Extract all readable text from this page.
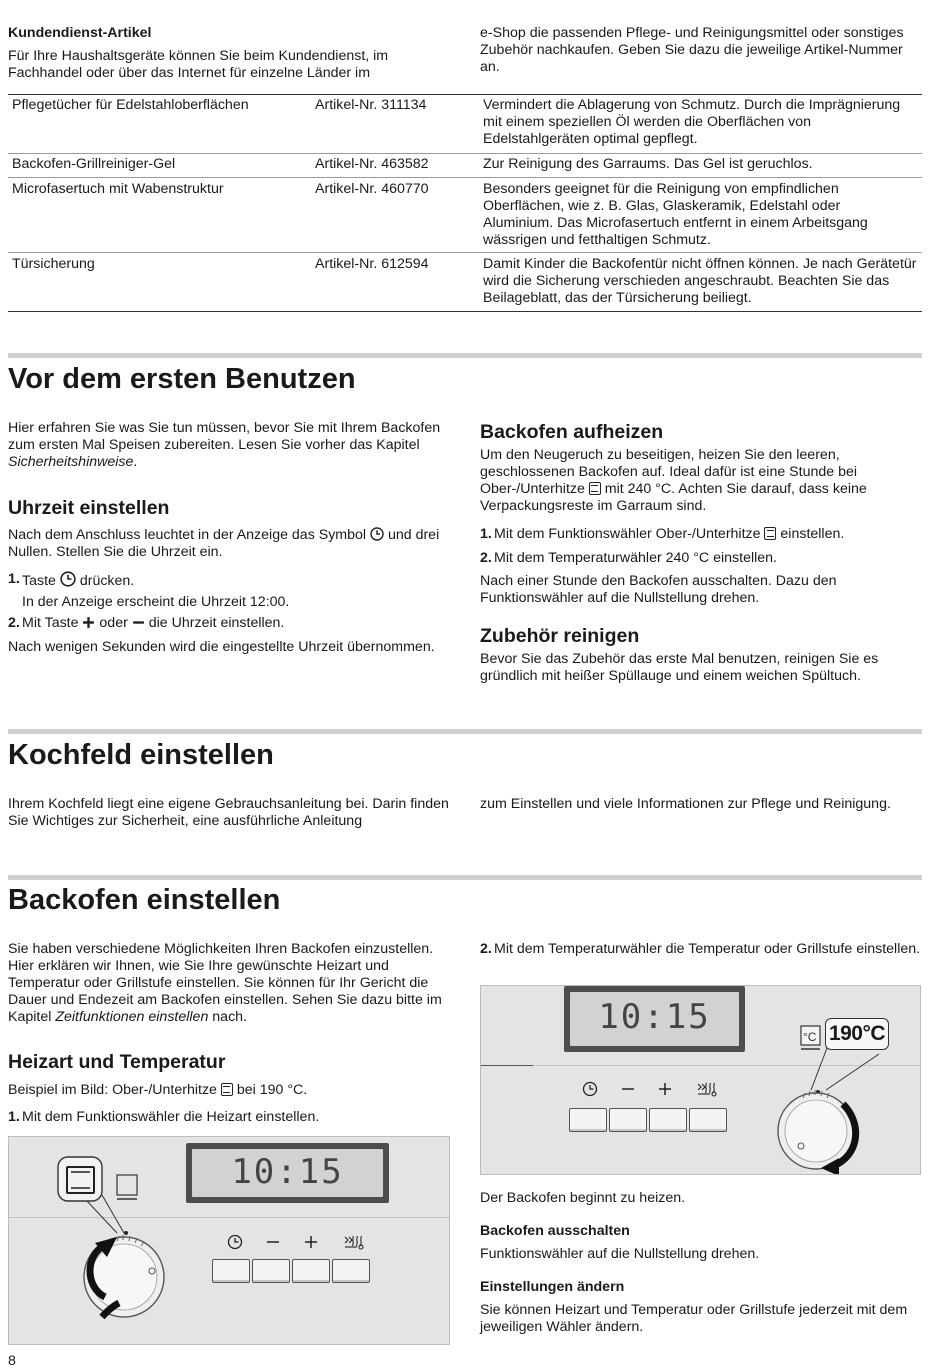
Kundendienst-Artikel

Für Ihre Haushaltsgeräte können Sie beim Kundendienst, im Fachhandel oder über das Internet für einzelne Länder im

e-Shop die passenden Pflege- und Reinigungsmittel oder sonstiges Zubehör nachkaufen. Geben Sie dazu die jeweilige Artikel-Nummer an.

Pflegetücher für Edelstahloberflächen	Artikel-Nr. 311134	Vermindert die Ablagerung von Schmutz. Durch die Imprägnierung mit einem speziellen Öl werden die Oberflächen von Edelstahlgeräten optimal gepflegt.

Backofen-Grillreiniger-Gel	Artikel-Nr. 463582	Zur Reinigung des Garraums. Das Gel ist geruchlos.

Microfasertuch mit Wabenstruktur	Artikel-Nr. 460770	Besonders geeignet für die Reinigung von empfindlichen Oberflächen, wie z. B. Glas, Glaskeramik, Edelstahl oder Aluminium. Das Microfasertuch entfernt in einem Arbeitsgang wässrigen und fetthaltigen Schmutz.

Türsicherung	Artikel-Nr. 612594	Damit Kinder die Backofentür nicht öffnen können. Je nach Gerätetür wird die Sicherung verschieden angeschraubt. Beachten Sie das Beilageblatt, das der Türsicherung beiliegt.

Vor dem ersten Benutzen

Hier erfahren Sie was Sie tun müssen, bevor Sie mit Ihrem Backofen zum ersten Mal Speisen zubereiten. Lesen Sie vorher das Kapitel Sicherheitshinweise.

Uhrzeit einstellen

Nach dem Anschluss leuchtet in der Anzeige das Symbol und drei Nullen. Stellen Sie die Uhrzeit ein.

1. Taste drücken.
In der Anzeige erscheint die Uhrzeit 12:00.
2. Mit Taste oder die Uhrzeit einstellen.

Nach wenigen Sekunden wird die eingestellte Uhrzeit übernommen.

Backofen aufheizen

Um den Neugeruch zu beseitigen, heizen Sie den leeren, geschlossenen Backofen auf. Ideal dafür ist eine Stunde bei Ober-/Unterhitze mit 240 °C. Achten Sie darauf, dass keine Verpackungsreste im Garraum sind.

1. Mit dem Funktionswähler Ober-/Unterhitze einstellen.
2. Mit dem Temperaturwähler 240 °C einstellen.

Nach einer Stunde den Backofen ausschalten. Dazu den Funktionswähler auf die Nullstellung drehen.

Zubehör reinigen

Bevor Sie das Zubehör das erste Mal benutzen, reinigen Sie es gründlich mit heißer Spüllauge und einem weichen Spültuch.

Kochfeld einstellen

Ihrem Kochfeld liegt eine eigene Gebrauchsanleitung bei. Darin finden Sie Wichtiges zur Sicherheit, eine ausführliche Anleitung

zum Einstellen und viele Informationen zur Pflege und Reinigung.

Backofen einstellen

Sie haben verschiedene Möglichkeiten Ihren Backofen einzustellen. Hier erklären wir Ihnen, wie Sie Ihre gewünschte Heizart und Temperatur oder Grillstufe einstellen. Sie können für Ihr Gericht die Dauer und Endezeit am Backofen einstellen. Sehen Sie dazu bitte im Kapitel Zeitfunktionen einstellen nach.

Heizart und Temperatur

Beispiel im Bild: Ober-/Unterhitze bei 190 °C.

1. Mit dem Funktionswähler die Heizart einstellen.
10:15
2. Mit dem Temperaturwähler die Temperatur oder Grillstufe einstellen.
10:15	°C 190°C

Der Backofen beginnt zu heizen.

Backofen ausschalten

Funktionswähler auf die Nullstellung drehen.

Einstellungen ändern

Sie können Heizart und Temperatur oder Grillstufe jederzeit mit dem jeweiligen Wähler ändern.

8
